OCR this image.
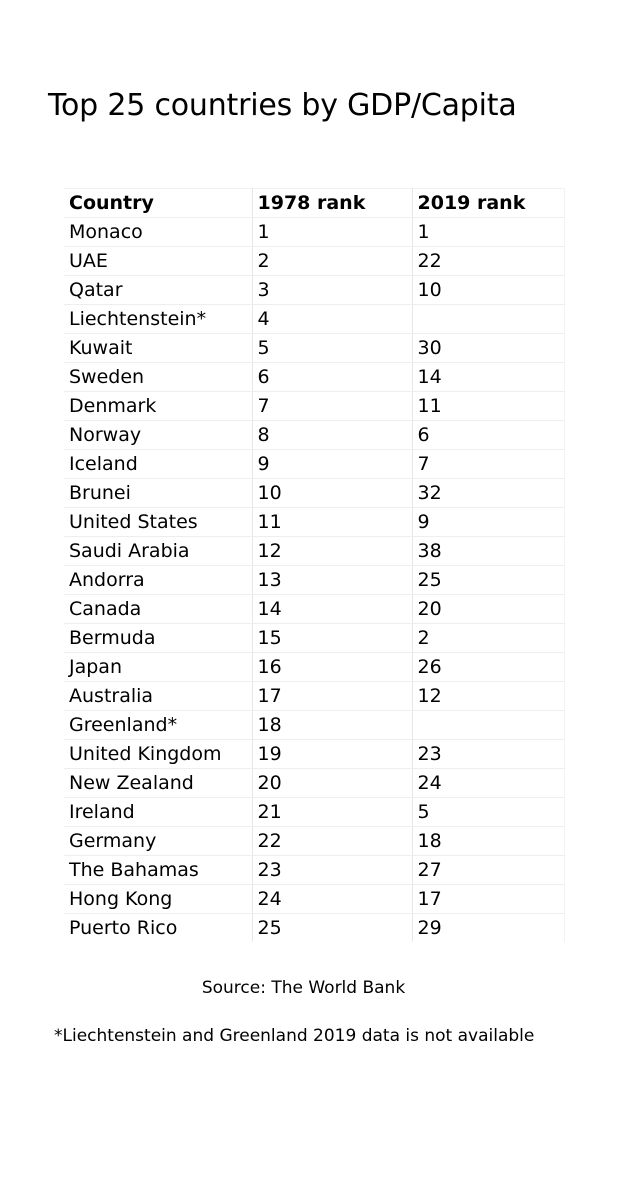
Top 25 countries by GDP/Capita
Country	1978 rank	2019 rank
Monaco	1	1
UAE	2	22
Qatar	3	10
Liechtenstein*	4	
Kuwait	5	30
Sweden	6	14
Denmark	7	11
Norway	8	6
Iceland	9	7
Brunei	10	32
United States	11	9
Saudi Arabia	12	38
Andorra	13	25
Canada	14	20
Bermuda	15	2
Japan	16	26
Australia	17	12
Greenland*	18	
United Kingdom	19	23
New Zealand	20	24
Ireland	21	5
Germany	22	18
The Bahamas	23	27
Hong Kong	24	17
Puerto Rico	25	29
Source: The World Bank
*Liechtenstein and Greenland 2019 data is not available
